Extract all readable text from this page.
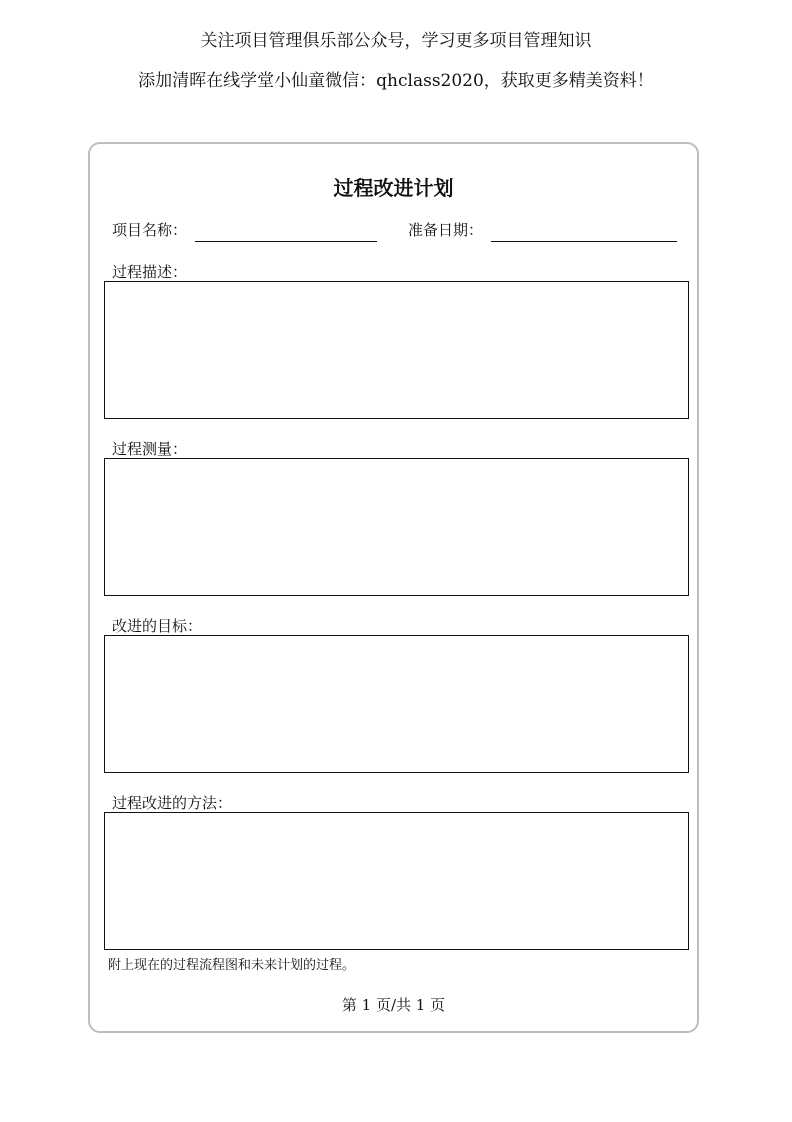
关注项目管理俱乐部公众号，学习更多项目管理知识
添加清晖在线学堂小仙童微信：qhclass2020，获取更多精美资料！
过程改进计划
项目名称：	准备日期：
过程描述：
过程测量：
改进的目标：
过程改进的方法：
附上现在的过程流程图和未来计划的过程。
第 1 页/共 1 页
